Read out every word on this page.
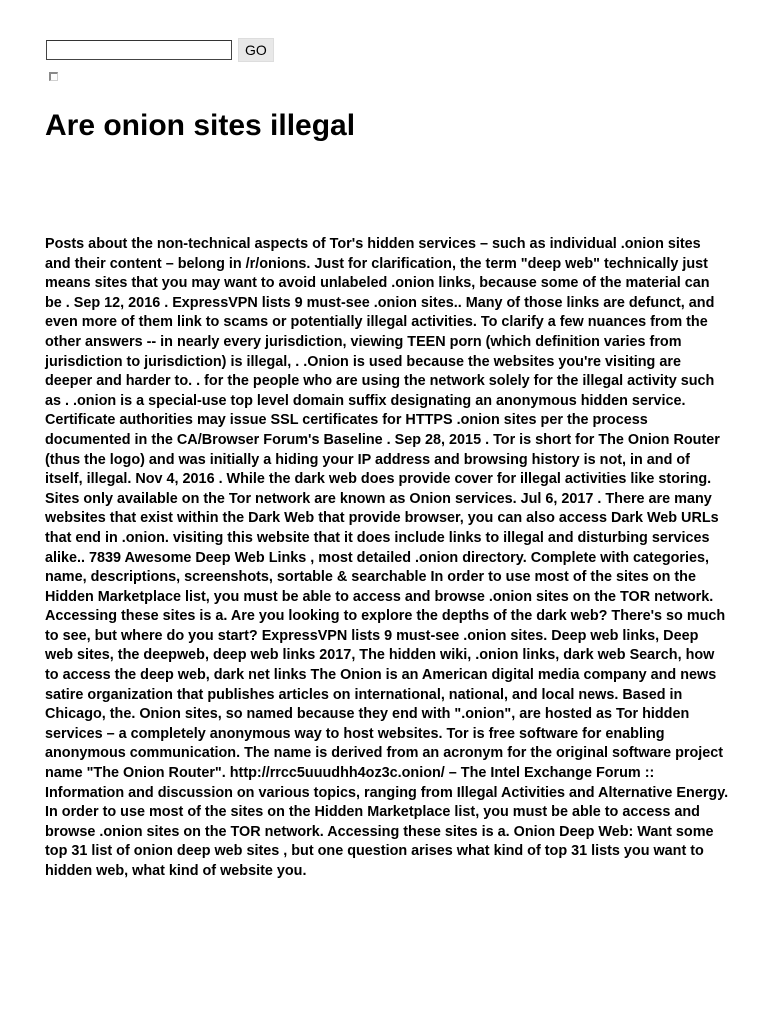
GO
Are onion sites illegal

Posts about the non-technical aspects of Tor's hidden services – such as individual .onion sites and their content – belong in /r/onions. Just for clarification, the term "deep web" technically just means sites that you may want to avoid unlabeled .onion links, because some of the material can be . Sep 12, 2016 . ExpressVPN lists 9 must-see .onion sites.. Many of those links are defunct, and even more of them link to scams or potentially illegal activities. To clarify a few nuances from the other answers -- in nearly every jurisdiction, viewing TEEN porn (which definition varies from jurisdiction to jurisdiction) is illegal, . .Onion is used because the websites you're visiting are deeper and harder to. . for the people who are using the network solely for the illegal activity such as . .onion is a special-use top level domain suffix designating an anonymous hidden service. Certificate authorities may issue SSL certificates for HTTPS .onion sites per the process documented in the CA/Browser Forum's Baseline . Sep 28, 2015 . Tor is short for The Onion Router (thus the logo) and was initially a hiding your IP address and browsing history is not, in and of itself, illegal. Nov 4, 2016 . While the dark web does provide cover for illegal activities like storing. Sites only available on the Tor network are known as Onion services. Jul 6, 2017 . There are many websites that exist within the Dark Web that provide browser, you can also access Dark Web URLs that end in .onion. visiting this website that it does include links to illegal and disturbing services alike.. 7839 Awesome Deep Web Links , most detailed .onion directory. Complete with categories, name, descriptions, screenshots, sortable & searchable In order to use most of the sites on the Hidden Marketplace list, you must be able to access and browse .onion sites on the TOR network. Accessing these sites is a. Are you looking to explore the depths of the dark web? There's so much to see, but where do you start? ExpressVPN lists 9 must-see .onion sites. Deep web links, Deep web sites, the deepweb, deep web links 2017, The hidden wiki, .onion links, dark web Search, how to access the deep web, dark net links The Onion is an American digital media company and news satire organization that publishes articles on international, national, and local news. Based in Chicago, the. Onion sites, so named because they end with ".onion", are hosted as Tor hidden services – a completely anonymous way to host websites. Tor is free software for enabling anonymous communication. The name is derived from an acronym for the original software project name "The Onion Router". http://rrcc5uuudhh4oz3c.onion/ – The Intel Exchange Forum :: Information and discussion on various topics, ranging from Illegal Activities and Alternative Energy. In order to use most of the sites on the Hidden Marketplace list, you must be able to access and browse .onion sites on the TOR network. Accessing these sites is a. Onion Deep Web: Want some top 31 list of onion deep web sites , but one question arises what kind of top 31 lists you want to hidden web, what kind of website you.
